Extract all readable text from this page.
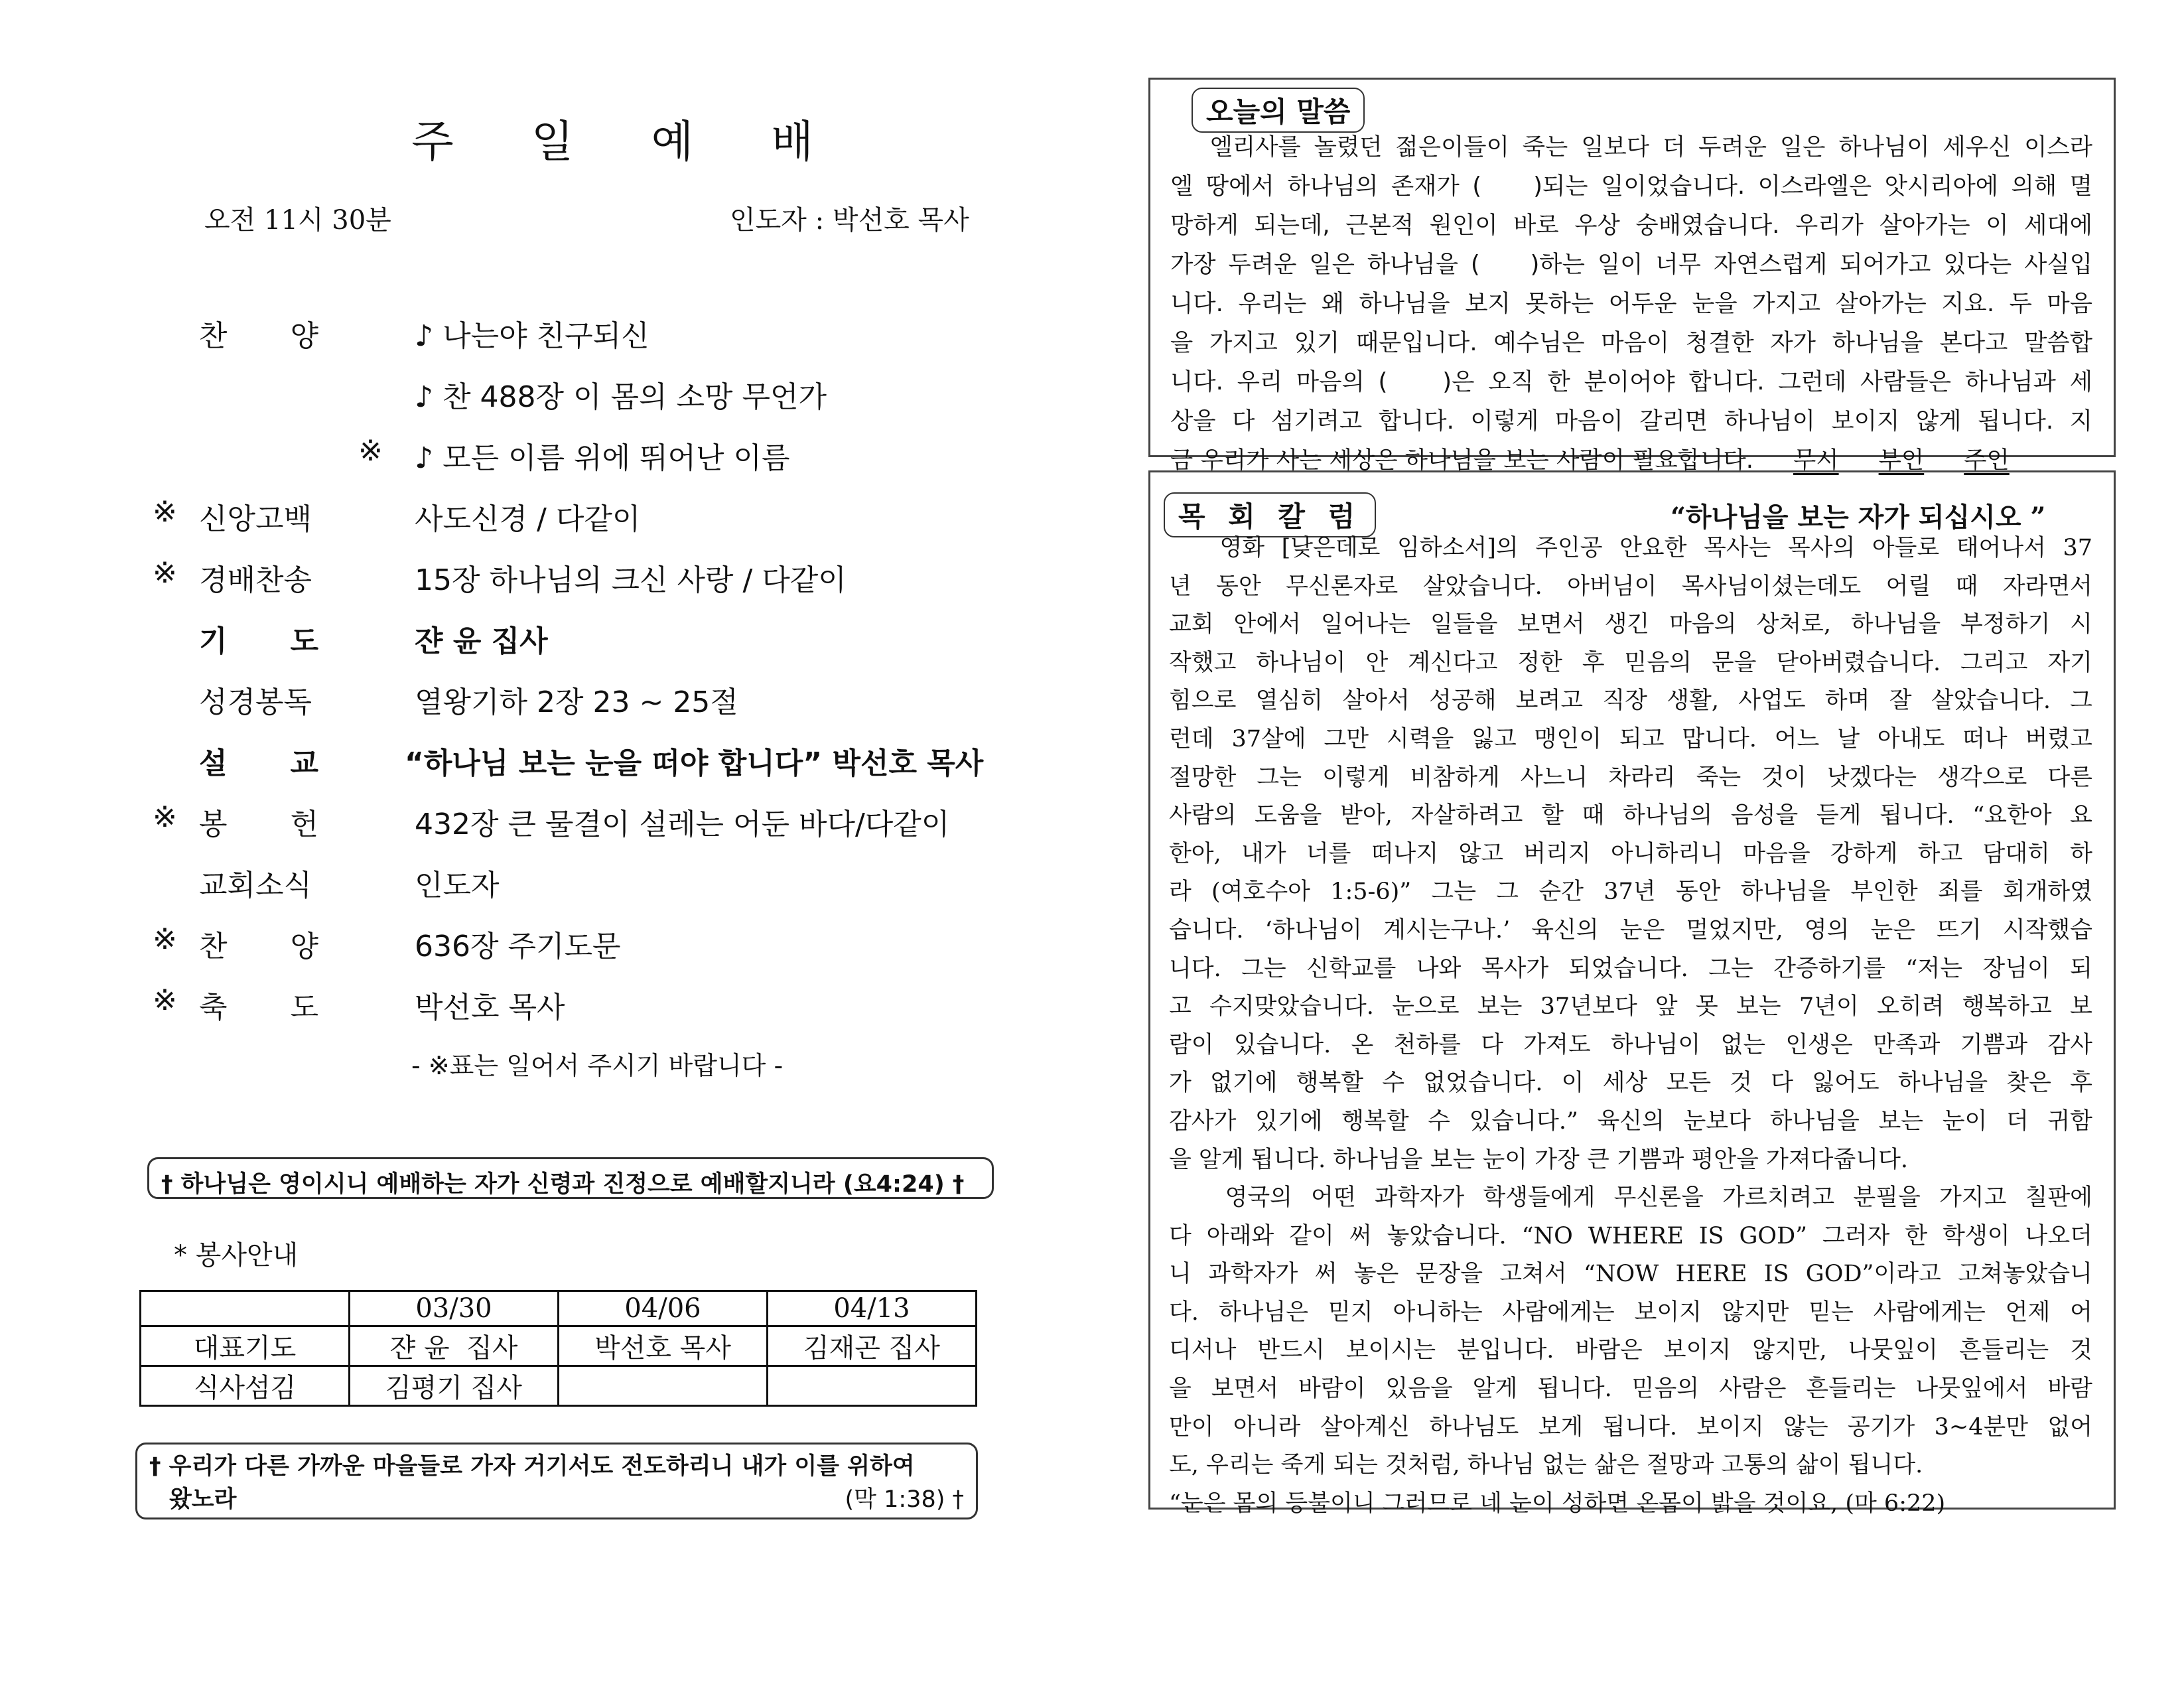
주 일 예 배
오전 11시 30분	인도자 : 박선호 목사
찬 양	♪ 나는야 친구되신
♪ 찬 488장 이 몸의 소망 무언가
※ ♪ 모든 이름 위에 뛰어난 이름
※ 신앙고백	사도신경 / 다같이
※ 경배찬송	15장 하나님의 크신 사랑 / 다같이
기 도	쟌 윤 집사
성경봉독	열왕기하 2장 23 ~ 25절
설 교	“하나님 보는 눈을 떠야 합니다” 박선호 목사
※ 봉 헌	432장 큰 물결이 설레는 어둔 바다/다같이
교회소식	인도자
※ 찬 양	636장 주기도문
※ 축 도	박선호 목사
- ※표는 일어서 주시기 바랍니다 -
† 하나님은 영이시니 예배하는 자가 신령과 진정으로 예배할지니라 (요4:24) †
* 봉사안내
	03/30	04/06	04/13
대표기도	쟌 윤  집사	박선호 목사	김재곤 집사
식사섬김	김평기 집사		
† 우리가 다른 가까운 마을들로 가자 거기서도 전도하리니 내가 이를 위하여
왔노라	(막 1:38) †
오늘의 말씀
엘리사를 놀렸던 젊은이들이 죽는 일보다 더 두려운 일은 하나님이 세우신 이스라
엘 땅에서 하나님의 존재가 (    )되는 일이었습니다. 이스라엘은 앗시리아에 의해 멸
망하게 되는데, 근본적 원인이 바로 우상 숭배였습니다. 우리가 살아가는 이 세대에
가장 두려운 일은 하나님을 (    )하는 일이 너무 자연스럽게 되어가고 있다는 사실입
니다. 우리는 왜 하나님을 보지 못하는 어두운 눈을 가지고 살아가는 지요. 두 마음
을 가지고 있기 때문입니다. 예수님은 마음이 청결한 자가 하나님을 본다고 말씀합
니다. 우리 마음의 (    )은 오직 한 분이어야 합니다. 그런데 사람들은 하나님과 세
상을 다 섬기려고 합니다. 이렇게 마음이 갈리면 하나님이 보이지 않게 됩니다. 지
금 우리가 사는 세상은 하나님을 보는 사람이 필요합니다. 무시 부인 주인
목 회 칼 럼	“하나님을 보는 자가 되십시오 ”
영화 [낮은데로 임하소서]의 주인공 안요한 목사는 목사의 아들로 태어나서 37
년 동안 무신론자로 살았습니다. 아버님이 목사님이셨는데도 어릴 때 자라면서
교회 안에서 일어나는 일들을 보면서 생긴 마음의 상처로, 하나님을 부정하기 시
작했고 하나님이 안 계신다고 정한 후 믿음의 문을 닫아버렸습니다. 그리고 자기
힘으로 열심히 살아서 성공해 보려고 직장 생활, 사업도 하며 잘 살았습니다. 그
런데 37살에 그만 시력을 잃고 맹인이 되고 맙니다. 어느 날 아내도 떠나 버렸고
절망한 그는 이렇게 비참하게 사느니 차라리 죽는 것이 낫겠다는 생각으로 다른
사람의 도움을 받아, 자살하려고 할 때 하나님의 음성을 듣게 됩니다. “요한아 요
한아, 내가 너를 떠나지 않고 버리지 아니하리니 마음을 강하게 하고 담대히 하
라 (여호수아 1:5-6)” 그는 그 순간 37년 동안 하나님을 부인한 죄를 회개하였
습니다. ‘하나님이 계시는구나.’ 육신의 눈은 멀었지만, 영의 눈은 뜨기 시작했습
니다. 그는 신학교를 나와 목사가 되었습니다. 그는 간증하기를 “저는 장님이 되
고 수지맞았습니다. 눈으로 보는 37년보다 앞 못 보는 7년이 오히려 행복하고 보
람이 있습니다. 온 천하를 다 가져도 하나님이 없는 인생은 만족과 기쁨과 감사
가 없기에 행복할 수 없었습니다. 이 세상 모든 것 다 잃어도 하나님을 찾은 후
감사가 있기에 행복할 수 있습니다.” 육신의 눈보다 하나님을 보는 눈이 더 귀함
을 알게 됩니다. 하나님을 보는 눈이 가장 큰 기쁨과 평안을 가져다줍니다.
영국의 어떤 과학자가 학생들에게 무신론을 가르치려고 분필을 가지고 칠판에
다 아래와 같이 써 놓았습니다. “NO WHERE IS GOD” 그러자 한 학생이 나오더
니 과학자가 써 놓은 문장을 고쳐서 “NOW HERE IS GOD”이라고 고쳐놓았습니
다. 하나님은 믿지 아니하는 사람에게는 보이지 않지만 믿는 사람에게는 언제 어
디서나 반드시 보이시는 분입니다. 바람은 보이지 않지만, 나뭇잎이 흔들리는 것
을 보면서 바람이 있음을 알게 됩니다. 믿음의 사람은 흔들리는 나뭇잎에서 바람
만이 아니라 살아계신 하나님도 보게 됩니다. 보이지 않는 공기가 3~4분만 없어
도, 우리는 죽게 되는 것처럼, 하나님 없는 삶은 절망과 고통의 삶이 됩니다.
“눈은 몸의 등불이니 그러므로 네 눈이 성하면 온몸이 밝을 것이요, (마 6:22)
